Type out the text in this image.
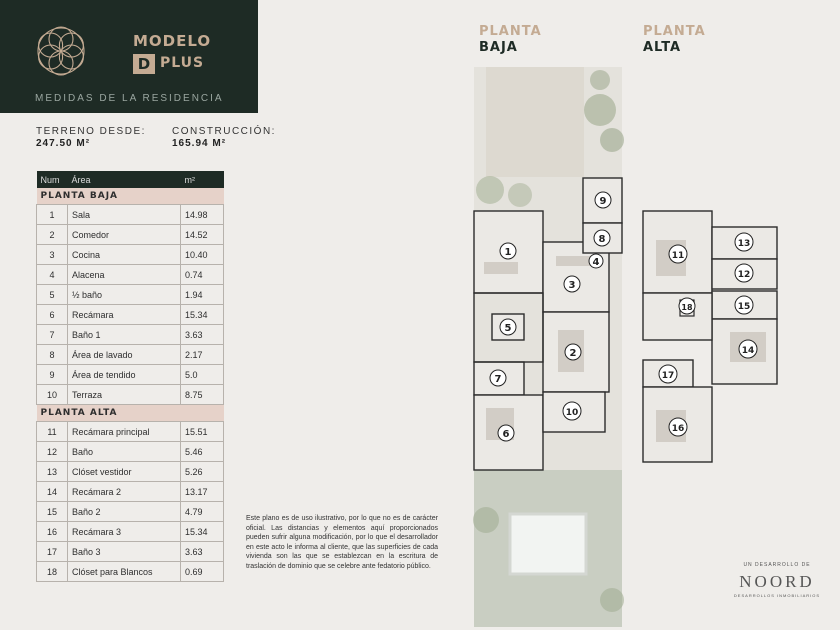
MODELO
D PLUS
MEDIDAS DE LA RESIDENCIA
TERRENO DESDE:
247.50 M²
CONSTRUCCIÓN:
165.94 M²
Num	Área	m²
PLANTA BAJA		
1	Sala	14.98
2	Comedor	14.52
3	Cocina	10.40
4	Alacena	0.74
5	½ baño	1.94
6	Recámara	15.34
7	Baño 1	3.63
8	Área de lavado	2.17
9	Área de tendido	5.0
10	Terraza	8.75
PLANTA ALTA		
11	Recámara principal	15.51
12	Baño	5.46
13	Clóset vestidor	5.26
14	Recámara 2	13.17
15	Baño 2	4.79
16	Recámara 3	15.34
17	Baño 3	3.63
18	Clóset para Blancos	0.69
Este plano es de uso ilustrativo, por lo que no es de carácter oficial. Las distancias y elementos aquí proporcionados pueden sufrir alguna modificación, por lo que el desarrollador en este acto le informa al cliente, que las superficies de cada vivienda son las que se establezcan en la escritura de traslación de dominio que se celebre ante fedatorio público.
PLANTA
BAJA
PLANTA
ALTA
1
2
3
4
5
6
7
8
9
10
11
12
13
14
15
16
17
18
UN DESARROLLO DE
NOORD
DESARROLLOS INMOBILIARIOS
